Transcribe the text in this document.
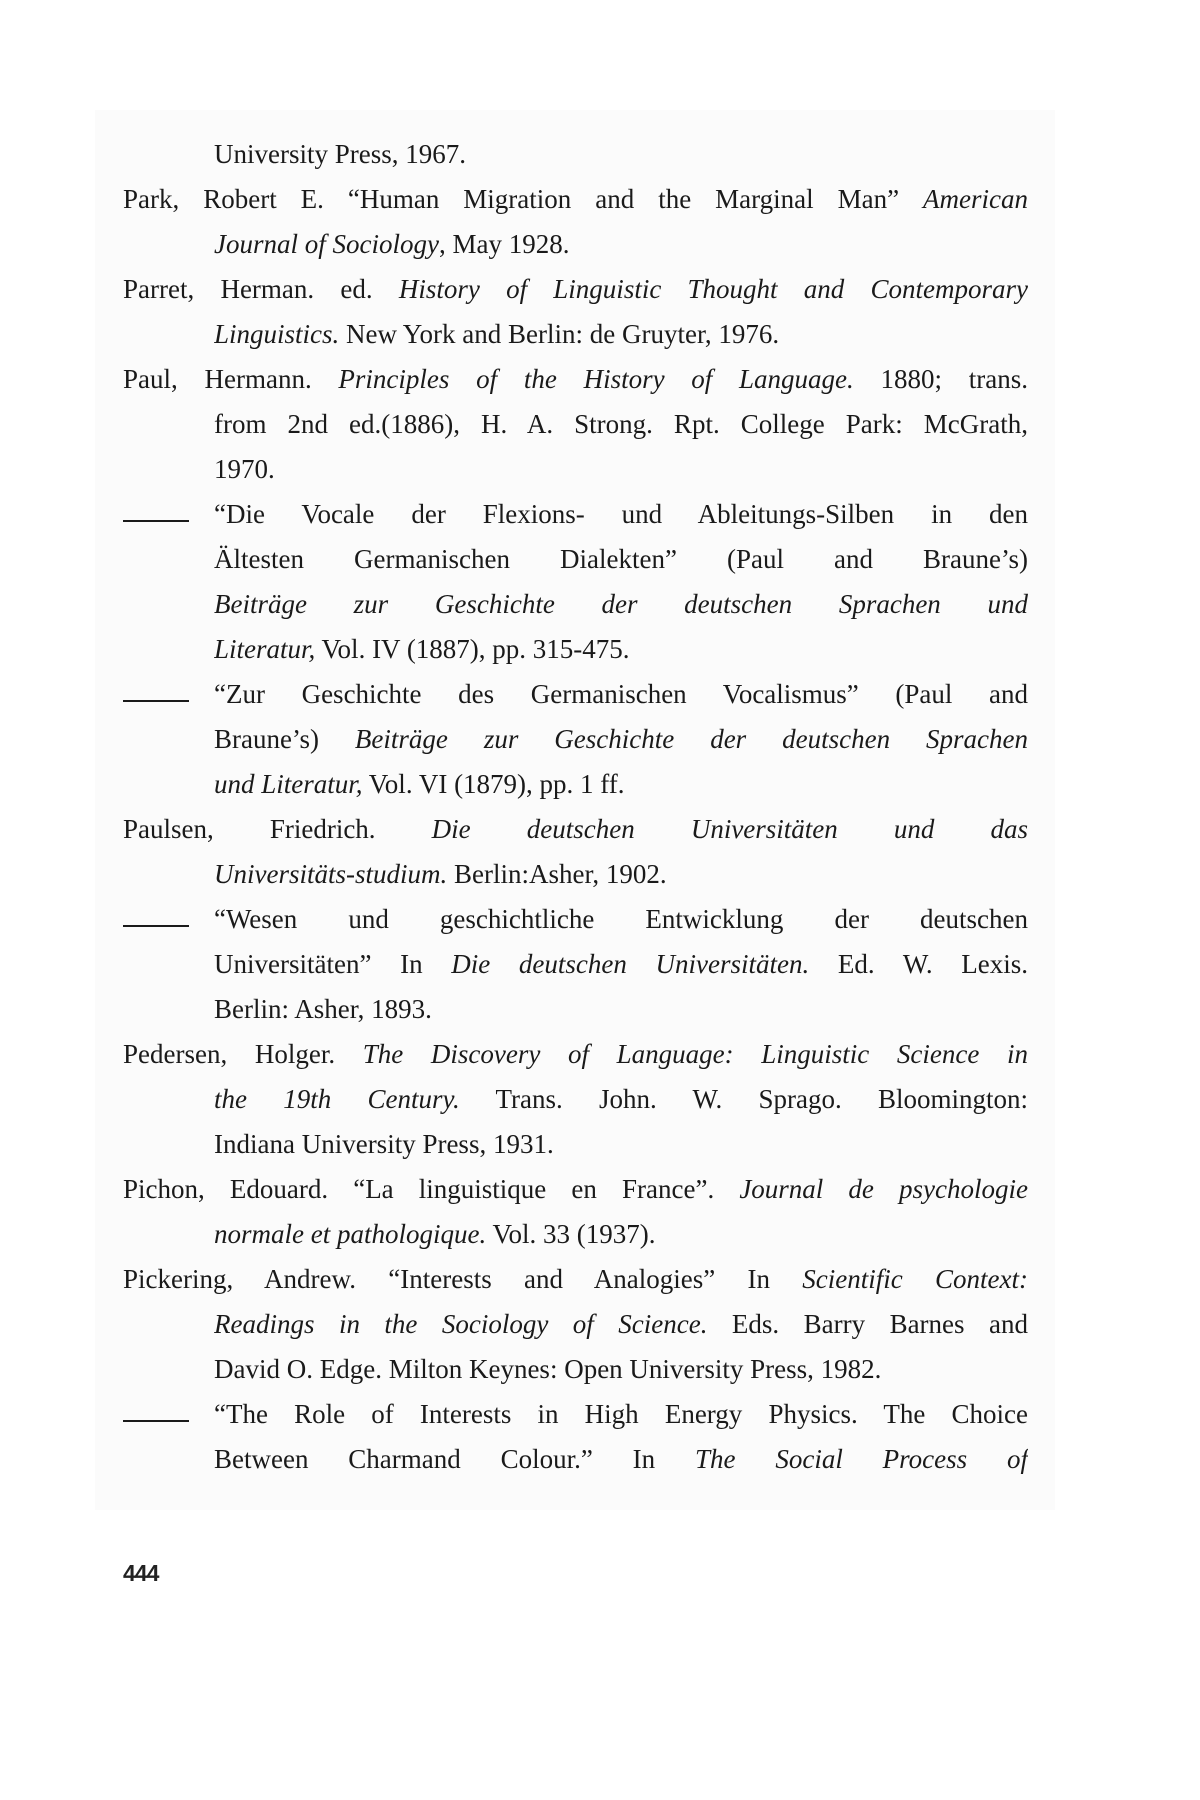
University Press, 1967.
Park, Robert E. “Human Migration and the Marginal Man” American
Journal of Sociology, May 1928.
Parret, Herman. ed. History of Linguistic Thought and Contemporary
Linguistics. New York and Berlin: de Gruyter, 1976.
Paul, Hermann. Principles of the History of Language. 1880; trans.
from 2nd ed.(1886), H. A. Strong. Rpt. College Park: McGrath,
1970.
“Die Vocale der Flexions- und Ableitungs-Silben in den
Ältesten Germanischen Dialekten” (Paul and Braune’s)
Beiträge zur Geschichte der deutschen Sprachen und
Literatur, Vol. IV (1887), pp. 315-475.
“Zur Geschichte des Germanischen Vocalismus” (Paul and
Braune’s) Beiträge zur Geschichte der deutschen Sprachen
und Literatur, Vol. VI (1879), pp. 1 ff.
Paulsen, Friedrich. Die deutschen Universitäten und das
Universitäts-studium. Berlin:Asher, 1902.
“Wesen und geschichtliche Entwicklung der deutschen
Universitäten” In Die deutschen Universitäten. Ed. W. Lexis.
Berlin: Asher, 1893.
Pedersen, Holger. The Discovery of Language: Linguistic Science in
the 19th Century. Trans. John. W. Sprago. Bloomington:
Indiana University Press, 1931.
Pichon, Edouard. “La linguistique en France”. Journal de psychologie
normale et pathologique. Vol. 33 (1937).
Pickering, Andrew. “Interests and Analogies” In Scientific Context:
Readings in the Sociology of Science. Eds. Barry Barnes and
David O. Edge. Milton Keynes: Open University Press, 1982.
“The Role of Interests in High Energy Physics. The Choice
Between Charmand Colour.” In The Social Process of
444
